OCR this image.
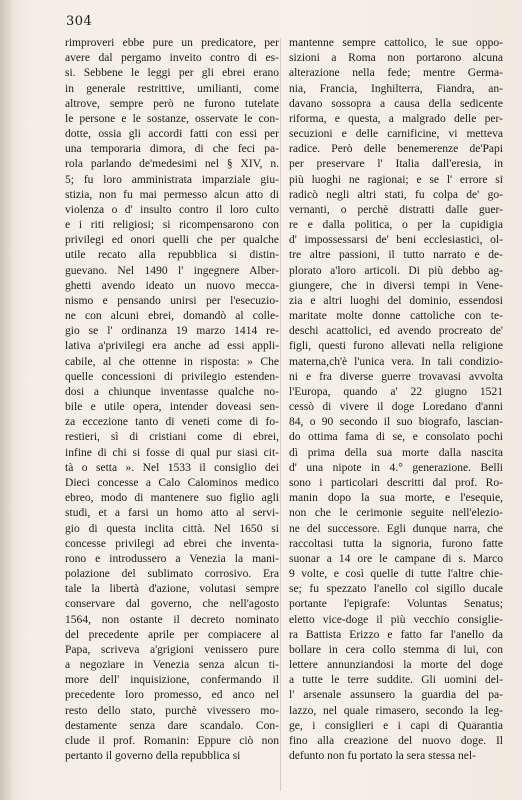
304
rimproveri ebbe pure un predicatore, per
avere dal pergamo inveito contro di es-
si. Sebbene le leggi per gli ebrei erano
in generale restrittive, umilianti, come
altrove, sempre però ne furono tutelate
le persone e le sostanze, osservate le con-
dotte, ossia gli accordi fatti con essi per
una temporaria dimora, di che feci pa-
rola parlando de'medesimi nel § XIV, n.
5; fu loro amministrata imparziale giu-
stizia, non fu mai permesso alcun atto di
violenza o d' insulto contro il loro culto
e i riti religiosi; si ricompensarono con
privilegi ed onori quelli che per qualche
utile recato alla repubblica si distin-
guevano. Nel 1490 l' ingegnere Alber-
ghetti avendo ideato un nuovo mecca-
nismo e pensando unirsi per l'esecuzio-
ne con alcuni ebrei, domandò al colle-
gio se l' ordinanza 19 marzo 1414 re-
lativa a'privilegi era anche ad essi appli-
cabile, al che ottenne in risposta: » Che
quelle concessioni di privilegio estenden-
dosi a chiunque inventasse qualche no-
bile e utile opera, intender doveasi sen-
za eccezione tanto di veneti come di fo-
restieri, sì di cristiani come di ebrei,
infine di chi si fosse di qual pur siasi cit-
tà o setta ». Nel 1533 il consiglio dei
Dieci concesse a Calo Calominos medico
ebreo, modo di mantenere suo figlio agli
studi, et a farsi un homo atto al servi-
gio di questa inclita città. Nel 1650 si
concesse privilegi ad ebrei che inventa-
rono e introdussero a Venezia la mani-
polazione del sublimato corrosivo. Era
tale la libertà d'azione, volutasi sempre
conservare dal governo, che nell'agosto
1564, non ostante il decreto nominato
del precedente aprile per compiacere al
Papa, scriveva a'grigioni venissero pure
a negoziare in Venezia senza alcun ti-
more dell' inquisizione, confermando il
precedente loro promesso, ed anco nel
resto dello stato, purchè vivessero mo-
destamente senza dare scandalo. Con-
clude il prof. Romanin: Eppure ciò non
pertanto il governo della repubblica si
mantenne sempre cattolico, le sue oppo-
sizioni a Roma non portarono alcuna
alterazione nella fede; mentre Germa-
nia, Francia, Inghilterra, Fiandra, an-
davano sossopra a causa della sedicente
riforma, e questa, a malgrado delle per-
secuzioni e delle carnificine, vi metteva
radice. Però delle benemerenze de'Papi
per preservare l' Italia dall'eresia, in
più luoghi ne ragionai; e se l' errore si
radicò negli altri stati, fu colpa de' go-
vernanti, o perchè distratti dalle guer-
re e dalla politica, o per la cupidigia
d' impossessarsi de' beni ecclesiastici, ol-
tre altre passioni, il tutto narrato e de-
plorato a'loro articoli. Di più debbo ag-
giungere, che in diversi tempi in Vene-
zia e altri luoghi del dominio, essendosi
maritate molte donne cattoliche con te-
deschi acattolici, ed avendo procreato de'
figli, questi furono allevati nella religione
materna,ch'è l'unica vera. In tali condizio-
ni e fra diverse guerre trovavasi avvolta
l'Europa, quando a' 22 giugno 1521
cessò di vivere il doge Loredano d'anni
84, o 90 secondo il suo biografo, lascian-
do ottima fama di se, e consolato pochi
dì prima della sua morte dalla nascita
d' una nipote in 4.° generazione. Belli
sono i particolari descritti dal prof. Ro-
manin dopo la sua morte, e l'esequie,
non che le cerimonie seguite nell'elezio-
ne del successore. Egli dunque narra, che
raccoltasi tutta la signoria, furono fatte
suonar a 14 ore le campane di s. Marco
9 volte, e così quelle di tutte l'altre chie-
se; fu spezzato l'anello col sigillo ducale
portante l'epigrafe: Voluntas Senatus;
eletto vice-doge il più vecchio consiglie-
ra Battista Erizzo e fatto far l'anello da
bollare in cera collo stemma di lui, con
lettere annunziandosi la morte del doge
a tutte le terre suddite. Gli uomini del-
l' arsenale assunsero la guardia del pa-
lazzo, nel quale rimasero, secondo la leg-
ge, i consiglieri e i capi di Quarantia
fino alla creazione del nuovo doge. Il
defunto non fu portato la sera stessa nel-
